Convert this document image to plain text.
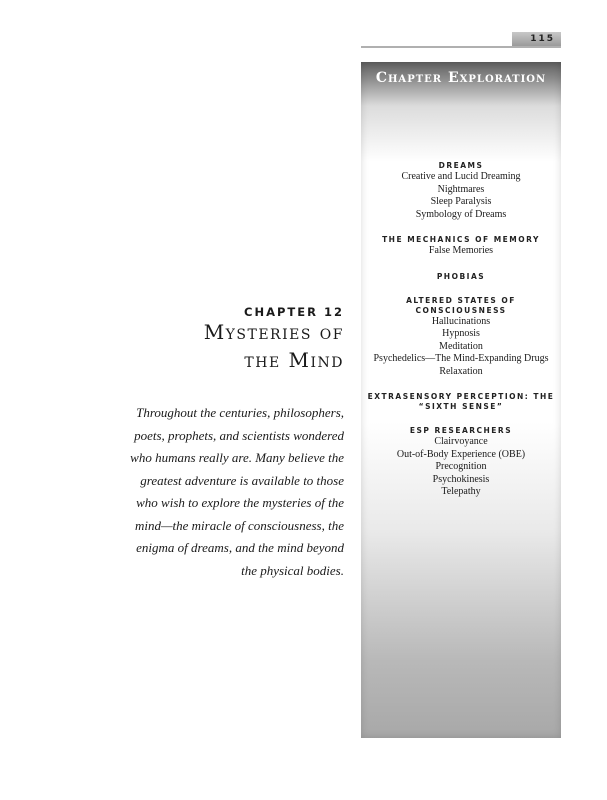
115
Chapter Exploration
DREAMS
Creative and Lucid Dreaming
Nightmares
Sleep Paralysis
Symbology of Dreams
THE MECHANICS OF MEMORY
False Memories
PHOBIAS
ALTERED STATES OF CONSCIOUSNESS
Hallucinations
Hypnosis
Meditation
Psychedelics—The Mind-Expanding Drugs
Relaxation
EXTRASENSORY PERCEPTION: THE “SIXTH SENSE”
ESP RESEARCHERS
Clairvoyance
Out-of-Body Experience (OBE)
Precognition
Psychokinesis
Telepathy
CHAPTER 12
Mysteries of
the Mind
Throughout the centuries, philosophers, poets, prophets, and scientists wondered who humans really are. Many believe the greatest adventure is available to those who wish to explore the mysteries of the mind—the miracle of consciousness, the enigma of dreams, and the mind beyond the physical bodies.
